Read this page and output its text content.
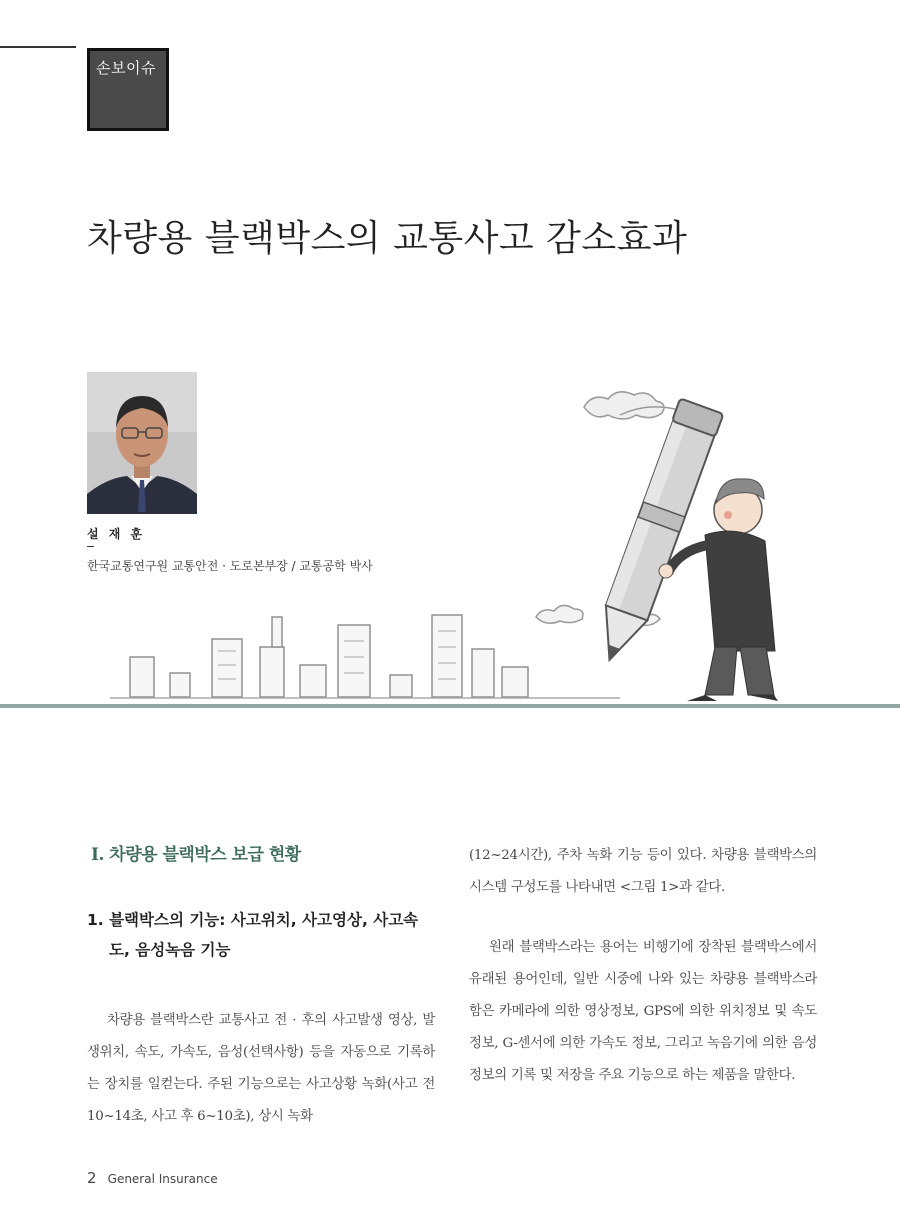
손보이슈
차량용 블랙박스의 교통사고 감소효과
설 재 훈
한국교통연구원 교통안전 · 도로본부장 / 교통공학 박사
Ⅰ. 차량용 블랙박스 보급 현황
1. 블랙박스의 기능: 사고위치, 사고영상, 사고속도, 음성녹음 기능

차량용 블랙박스란 교통사고 전 · 후의 사고발생 영상, 발생위치, 속도, 가속도, 음성(선택사항) 등을 자동으로 기록하는 장치를 일컫는다. 주된 기능으로는 사고상황 녹화(사고 전 10~14초, 사고 후 6~10초), 상시 녹화

(12~24시간), 주차 녹화 기능 등이 있다. 차량용 블랙박스의 시스템 구성도를 나타내면 <그림 1>과 같다.

원래 블랙박스라는 용어는 비행기에 장착된 블랙박스에서 유래된 용어인데, 일반 시중에 나와 있는 차량용 블랙박스라 함은 카메라에 의한 영상정보, GPS에 의한 위치정보 및 속도정보, G-센서에 의한 가속도 정보, 그리고 녹음기에 의한 음성정보의 기록 및 저장을 주요 기능으로 하는 제품을 말한다.

2 General Insurance
